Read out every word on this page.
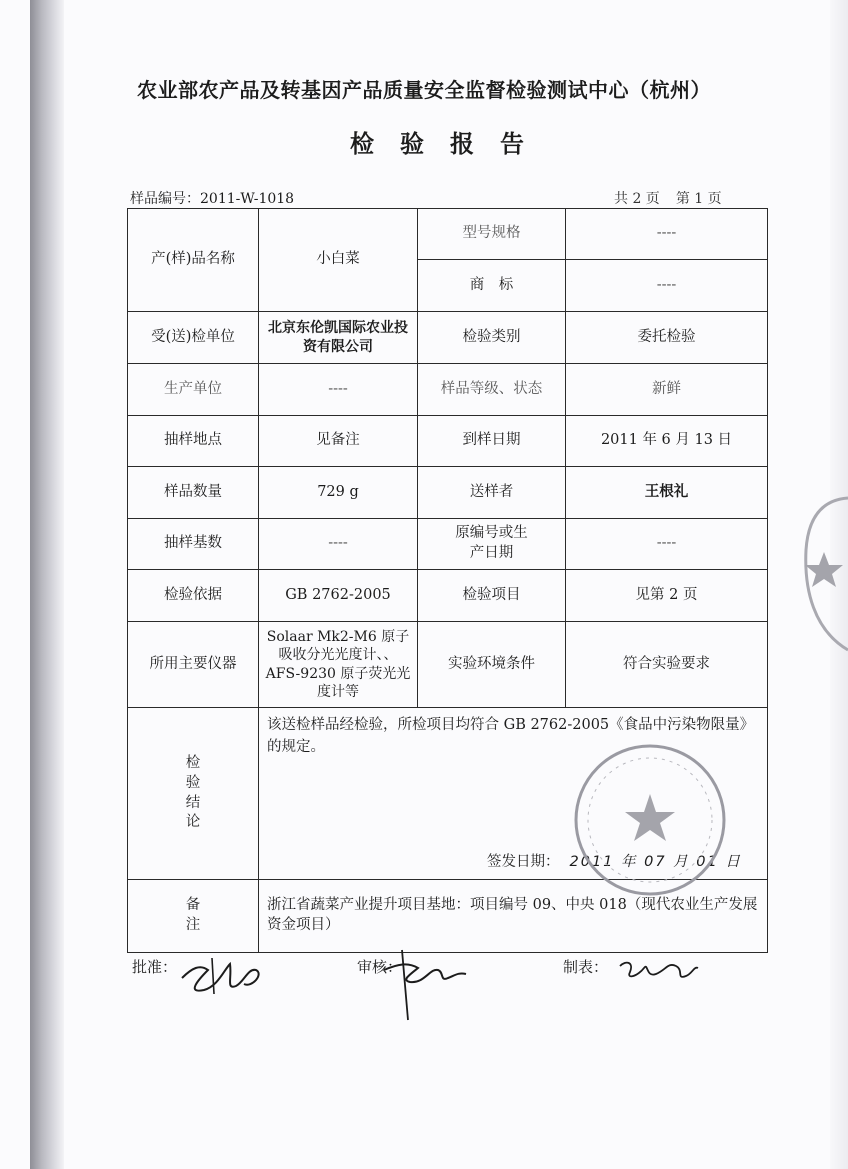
农业部农产品及转基因产品质量安全监督检验测试中心（杭州）
检验报告
样品编号：2011-W-1018	共 2 页 第 1 页
产(样)品名称	小白菜	型号规格	----
		商　标	----
受(送)检单位	北京东伦凯国际农业投资有限公司	检验类别	委托检验
生产单位	----	样品等级、状态	新鲜
抽样地点	见备注	到样日期	2011 年 6 月 13 日
样品数量	729 g	送样者	王根礼
抽样基数	----	原编号或生产日期	----
检验依据	GB 2762-2005	检验项目	见第 2 页
所用主要仪器	Solaar Mk2-M6 原子吸收分光光度计、、AFS-9230 原子荧光光度计等	实验环境条件	符合实验要求
检验结论	该送检样品经检验，所检项目均符合 GB 2762-2005《食品中污染物限量》的规定。
签发日期： 2011 年 07 月 01 日		

备注	浙江省蔬菜产业提升项目基地：项目编号 09、中央 018（现代农业生产发展资金项目）		
批准：	审核：	制表：
